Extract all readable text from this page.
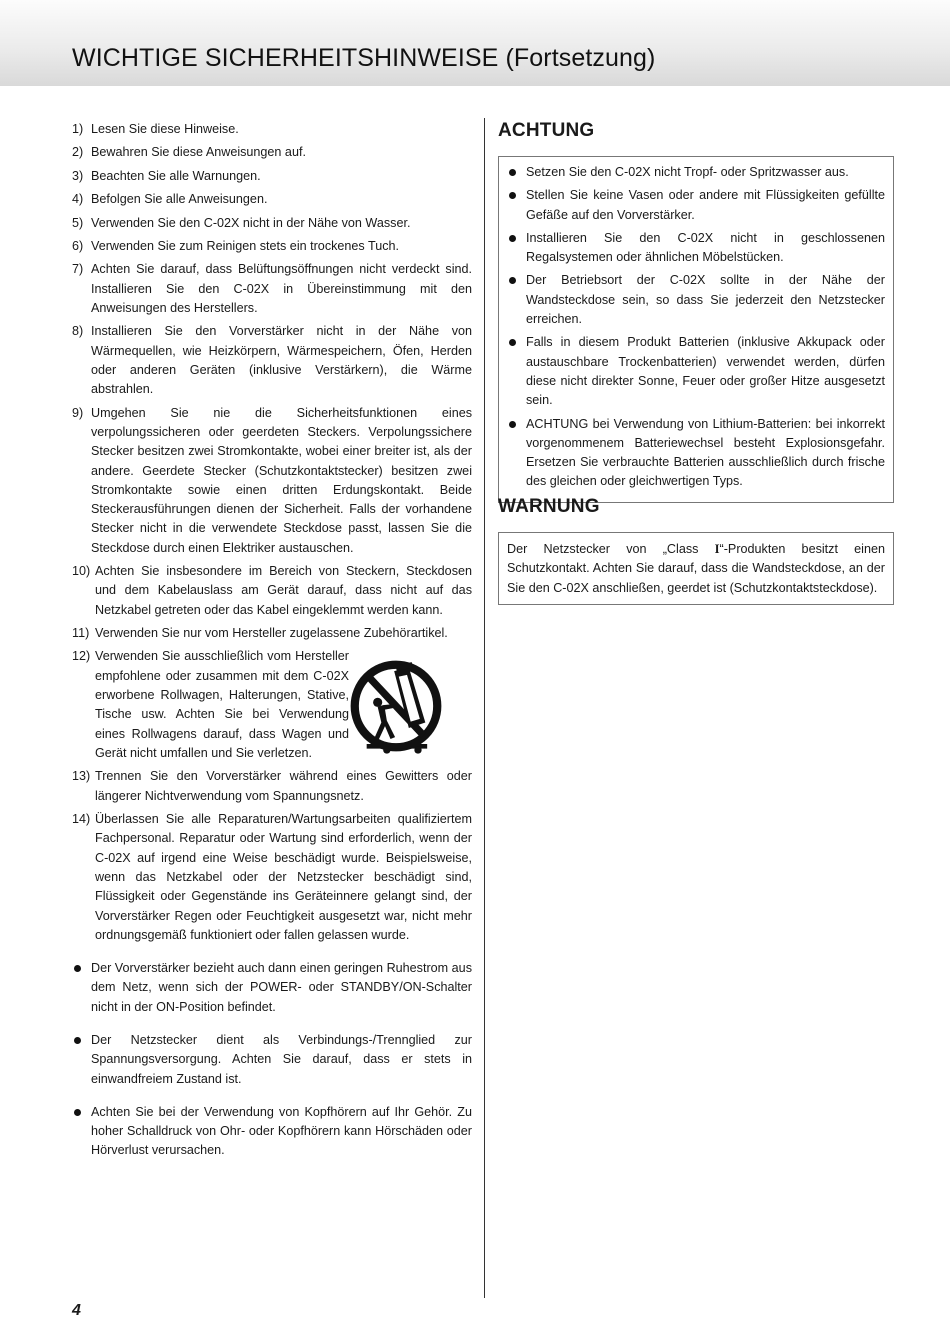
WICHTIGE SICHERHEITSHINWEISE (Fortsetzung)
1) Lesen Sie diese Hinweise.
2) Bewahren Sie diese Anweisungen auf.
3) Beachten Sie alle Warnungen.
4) Befolgen Sie alle Anweisungen.
5) Verwenden Sie den C-02X nicht in der Nähe von Wasser.
6) Verwenden Sie zum Reinigen stets ein trockenes Tuch.
7) Achten Sie darauf, dass Belüftungsöffnungen nicht verdeckt sind. Installieren Sie den C-02X in Übereinstimmung mit den Anweisungen des Herstellers.
8) Installieren Sie den Vorverstärker nicht in der Nähe von Wärmequellen, wie Heizkörpern, Wärmespeichern, Öfen, Herden oder anderen Geräten (inklusive Verstärkern), die Wärme abstrahlen.
9) Umgehen Sie nie die Sicherheitsfunktionen eines verpolungssicheren oder geerdeten Steckers. Verpolungssichere Stecker besitzen zwei Stromkontakte, wobei einer breiter ist, als der andere. Geerdete Stecker (Schutzkontaktstecker) besitzen zwei Stromkontakte sowie einen dritten Erdungskontakt. Beide Steckerausführungen dienen der Sicherheit. Falls der vorhandene Stecker nicht in die verwendete Steckdose passt, lassen Sie die Steckdose durch einen Elektriker austauschen.
10) Achten Sie insbesondere im Bereich von Steckern, Steckdosen und dem Kabelauslass am Gerät darauf, dass nicht auf das Netzkabel getreten oder das Kabel eingeklemmt werden kann.
11) Verwenden Sie nur vom Hersteller zugelassene Zubehörartikel.
12) Verwenden Sie ausschließlich vom Hersteller empfohlene oder zusammen mit dem C-02X erworbene Rollwagen, Halterungen, Stative, Tische usw. Achten Sie bei Verwendung eines Rollwagens darauf, dass Wagen und Gerät nicht umfallen und Sie verletzen.
13) Trennen Sie den Vorverstärker während eines Gewitters oder längerer Nichtverwendung vom Spannungsnetz.
14) Überlassen Sie alle Reparaturen/Wartungsarbeiten qualifiziertem Fachpersonal. Reparatur oder Wartung sind erforderlich, wenn der C-02X auf irgend eine Weise beschädigt wurde. Beispielsweise, wenn das Netzkabel oder der Netzstecker beschädigt sind, Flüssigkeit oder Gegenstände ins Geräteinnere gelangt sind, der Vorverstärker Regen oder Feuchtigkeit ausgesetzt war, nicht mehr ordnungsgemäß funktioniert oder fallen gelassen wurde.
Der Vorverstärker bezieht auch dann einen geringen Ruhestrom aus dem Netz, wenn sich der POWER- oder STANDBY/ON-Schalter nicht in der ON-Position befindet.
Der Netzstecker dient als Verbindungs-/Trennglied zur Spannungsversorgung. Achten Sie darauf, dass er stets in einwandfreiem Zustand ist.
Achten Sie bei der Verwendung von Kopfhörern auf Ihr Gehör. Zu hoher Schalldruck von Ohr- oder Kopfhörern kann Hörschäden oder Hörverlust verursachen.
ACHTUNG
Setzen Sie den C-02X nicht Tropf- oder Spritzwasser aus.
Stellen Sie keine Vasen oder andere mit Flüssigkeiten gefüllte Gefäße auf den Vorverstärker.
Installieren Sie den C-02X nicht in geschlossenen Regalsystemen oder ähnlichen Möbelstücken.
Der Betriebsort der C-02X sollte in der Nähe der Wandsteckdose sein, so dass Sie jederzeit den Netzstecker erreichen.
Falls in diesem Produkt Batterien (inklusive Akkupack oder austauschbare Trockenbatterien) verwendet werden, dürfen diese nicht direkter Sonne, Feuer oder großer Hitze ausgesetzt sein.
ACHTUNG bei Verwendung von Lithium-Batterien: bei inkorrekt vorgenommenem Batteriewechsel besteht Explosionsgefahr. Ersetzen Sie verbrauchte Batterien ausschließlich durch frische des gleichen oder gleichwertigen Typs.
WARNUNG
Der Netzstecker von „Class I“-Produkten besitzt einen Schutzkontakt. Achten Sie darauf, dass die Wandsteckdose, an der Sie den C-02X anschließen, geerdet ist (Schutzkontaktsteckdose).
4
